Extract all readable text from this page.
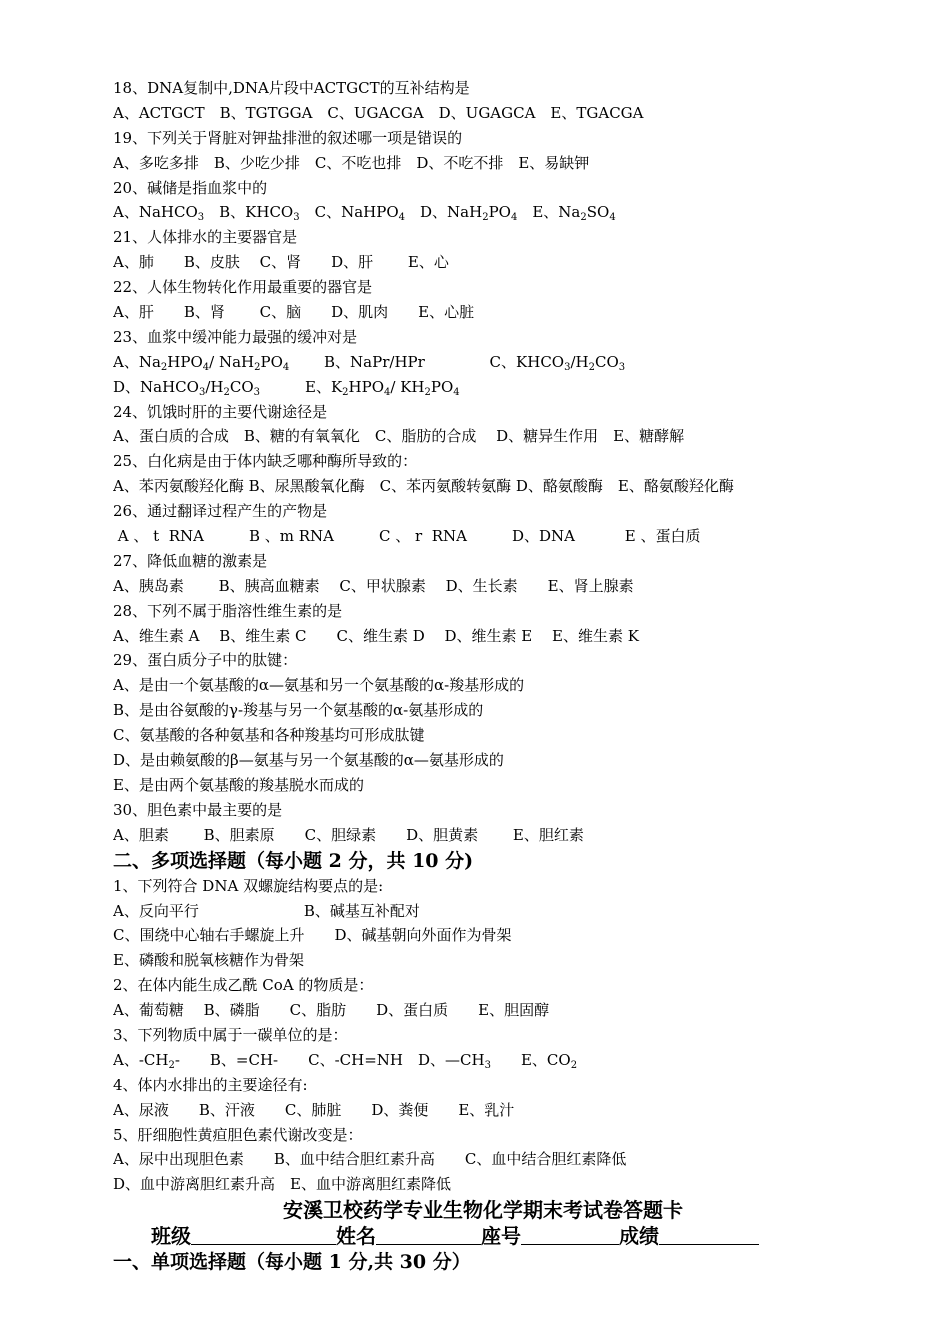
18、DNA复制中,DNA片段中ACTGCT的互补结构是
A、ACTGCT　B、TGTGGA　C、UGACGA　D、UGAGCA　E、TGACGA
19、下列关于肾脏对钾盐排泄的叙述哪一项是错误的
A、多吃多排　B、少吃少排　C、不吃也排　D、不吃不排　E、易缺钾
20、碱储是指血浆中的
A、NaHCO$_3$　B、$KHCO_3$　C、NaHPO$_4$　D、$NaH_2PO_4$　E、$Na_2SO_4$
21、人体排水的主要器官是
A、肺　　B、皮肤　 C、肾　　D、肝　　 E、心
22、人体生物转化作用最重要的器官是
A、肝　　B、肾　　 C、脑　　D、肌肉　　E、心脏
23、血浆中缓冲能力最强的缓冲对是
A、$Na_2HPO_4/$ $NaH_2PO_4$　　 B、NaPr/HPr　　　　 C、$KHCO_3/H_2CO_3$
D、$NaHCO_3/H_2CO_3$　　　E、$K_2HPO_4/$ $KH_2PO_4$
24、饥饿时肝的主要代谢途径是
A、蛋白质的合成　B、糖的有氧氧化　C、脂肪的合成　 D、糖异生作用　E、糖酵解
25、白化病是由于体内缺乏哪种酶所导致的：
A、苯丙氨酸羟化酶 B、尿黑酸氧化酶　C、苯丙氨酸转氨酶 D、酪氨酸酶　E、酪氨酸羟化酶
26、通过翻译过程产生的产物是
A 、 t  RNA　　　B 、m RNA　　　C 、 r  RNA　　　D、DNA　　　 E 、蛋白质
27、降低血糖的激素是
A、胰岛素　　 B、胰高血糖素　 C、甲状腺素　 D、生长素　　E、肾上腺素
28、下列不属于脂溶性维生素的是
A、维生素 A　 B、维生素 C　　C、维生素 D　 D、维生素 E　 E、维生素 K
29、蛋白质分子中的肽键：
A、是由一个氨基酸的α—氨基和另一个氨基酸的α-羧基形成的
B、是由谷氨酸的γ-羧基与另一个氨基酸的α-氨基形成的
C、氨基酸的各种氨基和各种羧基均可形成肽键
D、是由赖氨酸的β—氨基与另一个氨基酸的α—氨基形成的
E、是由两个氨基酸的羧基脱水而成的
30、胆色素中最主要的是
A、胆素　　 B、胆素原　　C、胆绿素　　D、胆黄素　　 E、胆红素
二、多项选择题（每小题 2 分，共 10 分)
1、下列符合 DNA 双螺旋结构要点的是:
A、反向平行　　　　　　　B、碱基互补配对
C、围绕中心轴右手螺旋上升　　D、碱基朝向外面作为骨架
E、磷酸和脱氧核糖作为骨架
2、在体内能生成乙酰 CoA 的物质是：
A、葡萄糖　 B、磷脂　　C、脂肪　　D、蛋白质　　E、胆固醇
3、下列物质中属于一碳单位的是：
A、$-CH_2-$　　B、=CH-　　C、-CH=NH　D、$—CH_3$　　E、$CO_2$
4、体内水排出的主要途径有:
A、尿液　　B、汗液　　C、肺脏　　D、粪便　　E、乳汁
5、肝细胞性黄疸胆色素代谢改变是：
A、尿中出现胆色素　　B、血中结合胆红素升高　　C、血中结合胆红素降低
D、血中游离胆红素升高　E、血中游离胆红素降低
安溪卫校药学专业生物化学期末考试卷答题卡
班级	姓名	座号	成绩
一、单项选择题（每小题 1 分,共 30 分）
